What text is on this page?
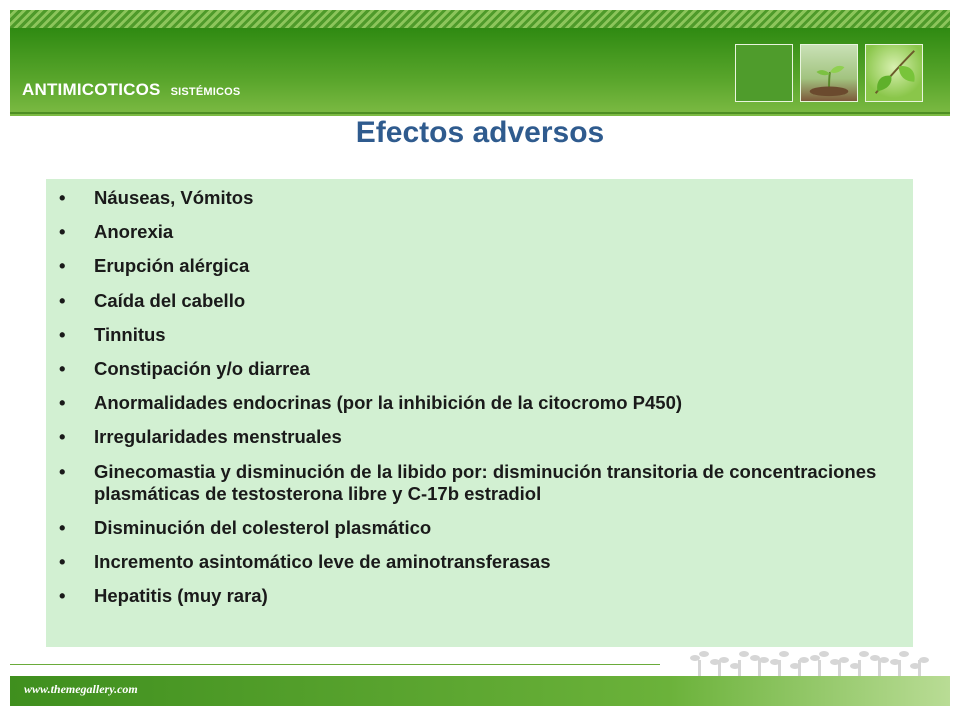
ANTIMICOTICOS SISTÉMICOS
Efectos adversos
• Náuseas, Vómitos
• Anorexia
• Erupción alérgica
• Caída del cabello
• Tinnitus
• Constipación y/o diarrea
• Anormalidades endocrinas (por la inhibición de la citocromo P450)
• Irregularidades menstruales
• Ginecomastia y disminución de la libido por: disminución transitoria de concentraciones plasmáticas de testosterona libre y C-17b estradiol
• Disminución del colesterol plasmático
• Incremento asintomático leve de aminotransferasas
• Hepatitis (muy rara)
www.themegallery.com
